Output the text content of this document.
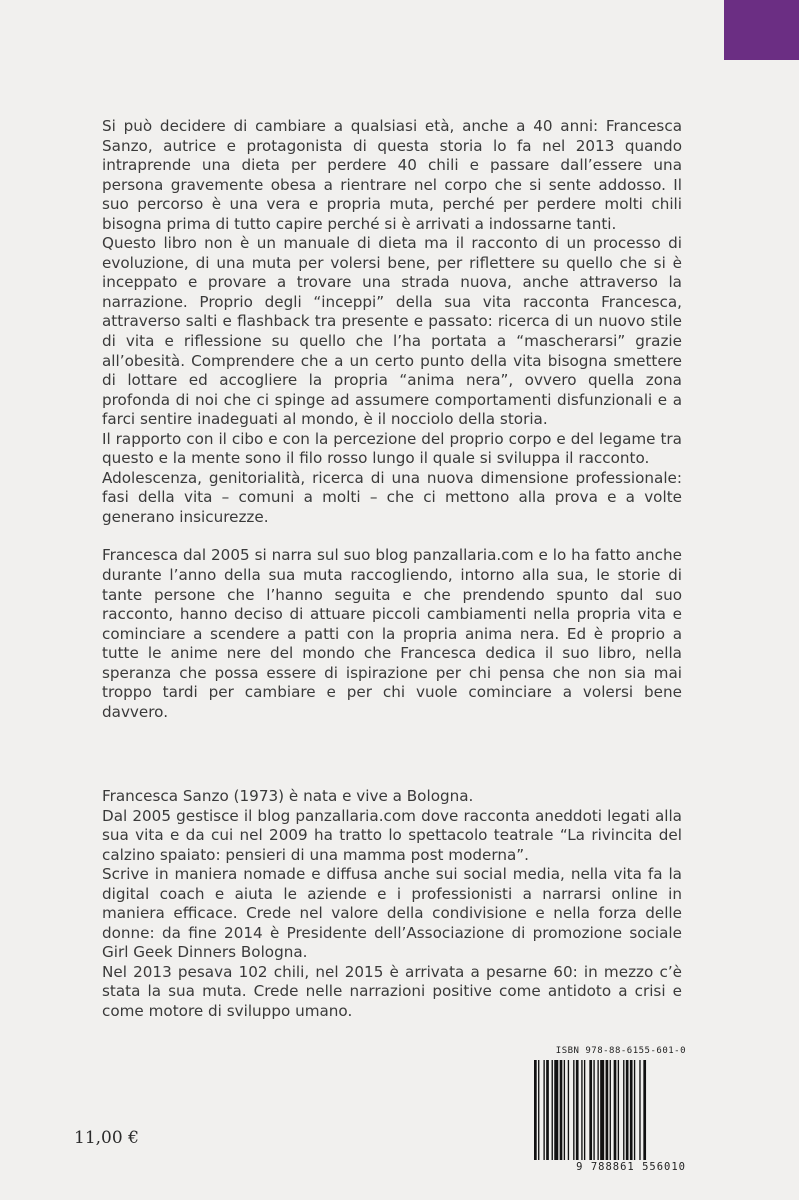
Si può decidere di cambiare a qualsiasi età, anche a 40 anni: Francesca Sanzo, autrice e protagonista di questa storia lo fa nel 2013 quando intraprende una dieta per perdere 40 chili e passare dall’essere una persona gravemente obesa a rientrare nel corpo che si sente addosso. Il suo percorso è una vera e propria muta, perché per perdere molti chili bisogna prima di tutto capire perché si è arrivati a indossarne tanti.

Questo libro non è un manuale di dieta ma il racconto di un processo di evoluzione, di una muta per volersi bene, per riflettere su quello che si è inceppato e provare a trovare una strada nuova, anche attraverso la narrazione. Proprio degli “inceppi” della sua vita racconta Francesca, attraverso salti e flashback tra presente e passato: ricerca di un nuovo stile di vita e riflessione su quello che l’ha portata a “mascherarsi” grazie all’obesità. Comprendere che a un certo punto della vita bisogna smettere di lottare ed accogliere la propria “anima nera”, ovvero quella zona profonda di noi che ci spinge ad assumere comportamenti disfunzionali e a farci sentire inadeguati al mondo, è il nocciolo della storia.

Il rapporto con il cibo e con la percezione del proprio corpo e del legame tra questo e la mente sono il filo rosso lungo il quale si sviluppa il racconto.

Adolescenza, genitorialità, ricerca di una nuova dimensione professionale: fasi della vita – comuni a molti – che ci mettono alla prova e a volte generano insicurezze.

Francesca dal 2005 si narra sul suo blog panzallaria.com e lo ha fatto anche durante l’anno della sua muta raccogliendo, intorno alla sua, le storie di tante persone che l’hanno seguita e che prendendo spunto dal suo racconto, hanno deciso di attuare piccoli cambiamenti nella propria vita e cominciare a scendere a patti con la propria anima nera. Ed è proprio a tutte le anime nere del mondo che Francesca dedica il suo libro, nella speranza che possa essere di ispirazione per chi pensa che non sia mai troppo tardi per cambiare e per chi vuole cominciare a volersi bene davvero.

Francesca Sanzo (1973) è nata e vive a Bologna.

Dal 2005 gestisce il blog panzallaria.com dove racconta aneddoti legati alla sua vita e da cui nel 2009 ha tratto lo spettacolo teatrale “La rivincita del calzino spaiato: pensieri di una mamma post moderna”.

Scrive in maniera nomade e diffusa anche sui social media, nella vita fa la digital coach e aiuta le aziende e i professionisti a narrarsi online in maniera efficace. Crede nel valore della condivisione e nella forza delle donne: da fine 2014 è Presidente dell’Associazione di promozione sociale Girl Geek Dinners Bologna.

Nel 2013 pesava 102 chili, nel 2015 è arrivata a pesarne 60: in mezzo c’è stata la sua muta. Crede nelle narrazioni positive come antidoto a crisi e come motore di sviluppo umano.

ISBN 978-88-6155-601-0
9 788861 556010
11,00 €
